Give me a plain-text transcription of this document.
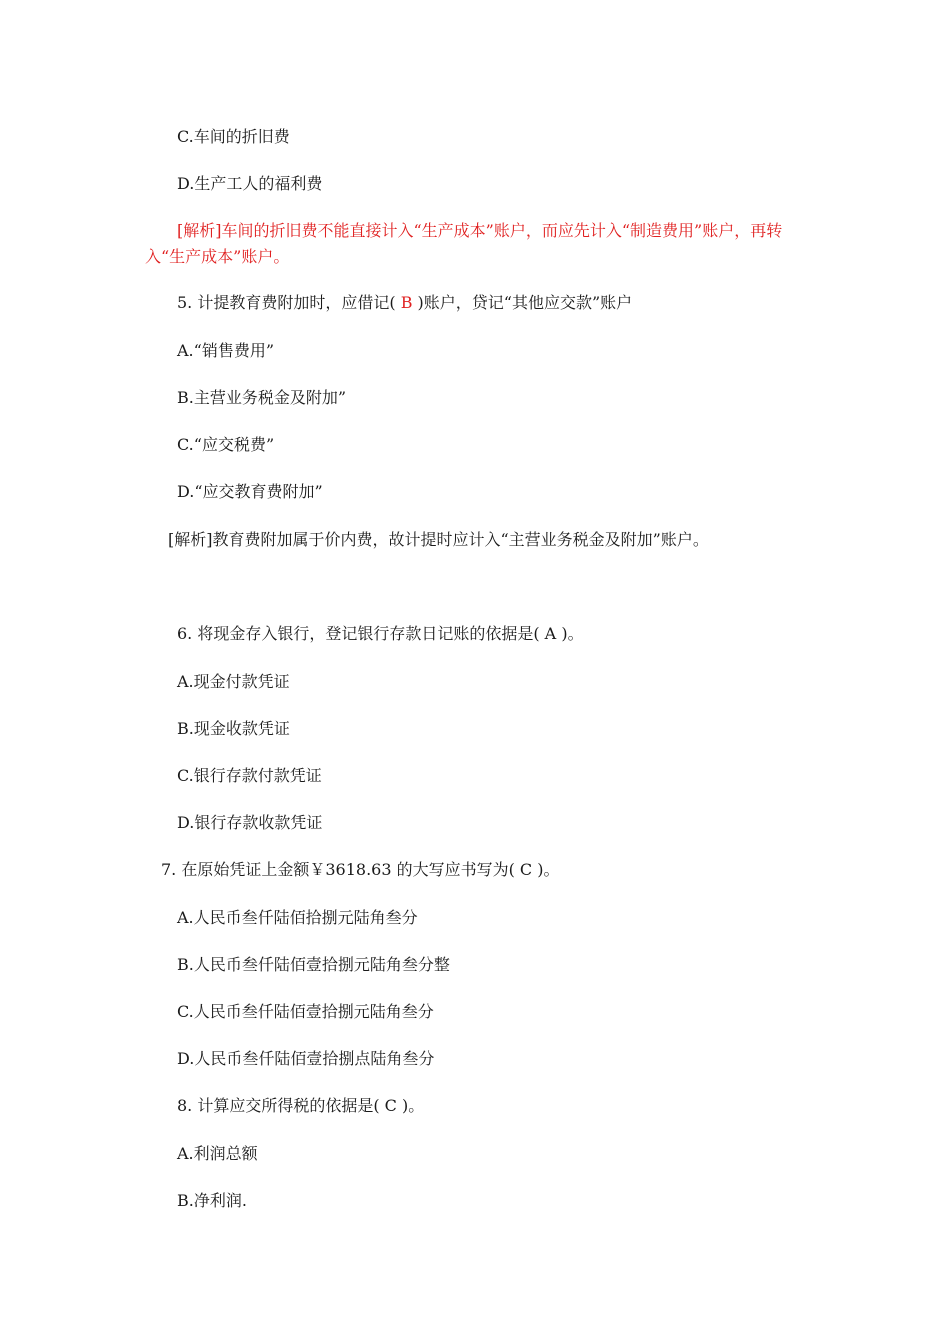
C.车间的折旧费
D.生产工人的福利费
[解析]车间的折旧费不能直接计入“生产成本”账户，而应先计入“制造费用”账户，再转入“生产成本”账户。
5. 计提教育费附加时，应借记( B )账户，贷记“其他应交款”账户
A.“销售费用”
B.主营业务税金及附加”
C.“应交税费”
D.“应交教育费附加”
[解析]教育费附加属于价内费，故计提时应计入“主营业务税金及附加”账户。
6. 将现金存入银行，登记银行存款日记账的依据是( A )。
A.现金付款凭证
B.现金收款凭证
C.银行存款付款凭证
D.银行存款收款凭证
7. 在原始凭证上金额￥3618.63 的大写应书写为( C )。
A.人民币叁仟陆佰拾捌元陆角叁分
B.人民币叁仟陆佰壹拾捌元陆角叁分整
C.人民币叁仟陆佰壹拾捌元陆角叁分
D.人民币叁仟陆佰壹拾捌点陆角叁分
8. 计算应交所得税的依据是( C )。
A.利润总额
B.净利润.
